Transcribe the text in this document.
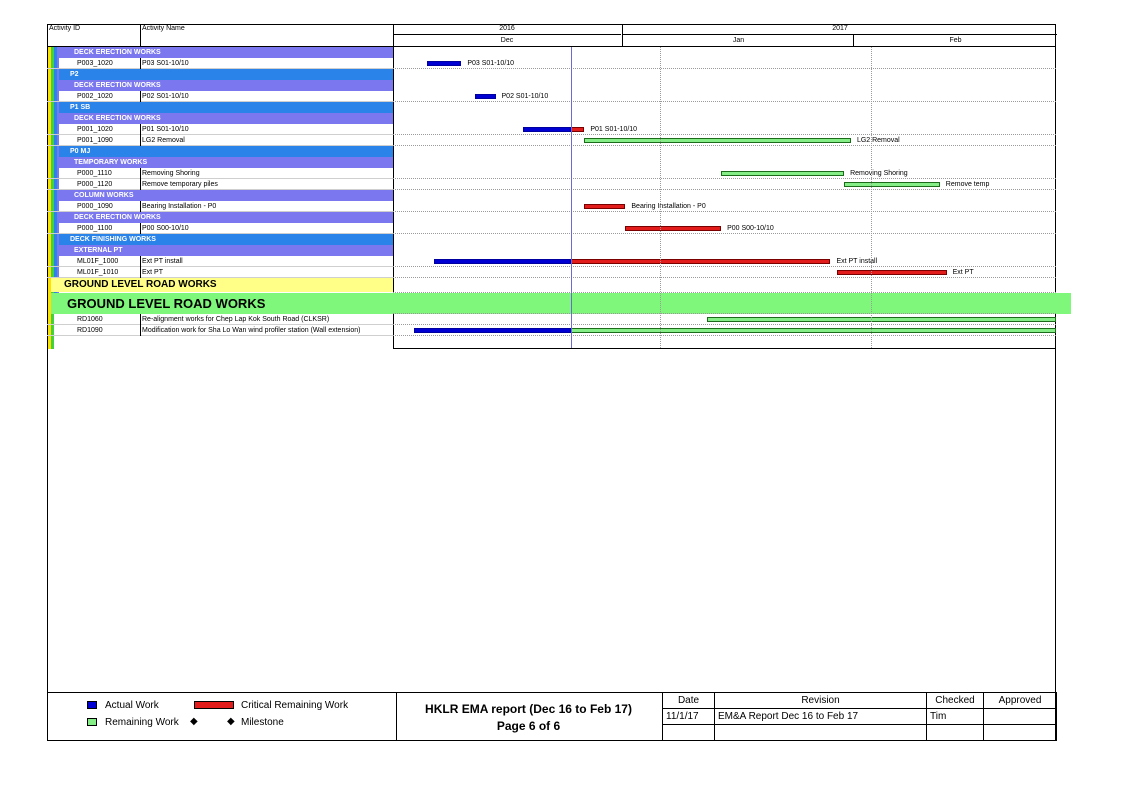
Activity ID	Activity Name	2016	2017
Dec	Jan	Feb
DECK ERECTION WORKS
P003_1020	P03 S01-10/10
P2
DECK ERECTION WORKS
P002_1020	P02 S01-10/10
P1 SB
DECK ERECTION WORKS
P001_1020	P01 S01-10/10
P001_1090	LG2 Removal
P0 MJ
TEMPORARY WORKS
P000_1110	Removing Shoring
P000_1120	Remove temporary piles
COLUMN WORKS
P000_1090	Bearing Installation - P0
DECK ERECTION WORKS
P000_1100	P00 S00-10/10
DECK FINISHING WORKS
EXTERNAL PT
ML01F_1000	Ext PT install
ML01F_1010	Ext PT
GROUND LEVEL ROAD WORKS
GROUND LEVEL ROAD WORKS
RD1060	Re-alignment works for Chep Lap Kok South Road (CLKSR)
RD1090	Modification work for Sha Lo Wan wind profiler station (Wall extension)
P03 S01-10/10
P02 S01-10/10
P01 S01-10/10
LG2 Removal
Removing Shoring
Remove temp
Bearing Installation - P0
P00 S00-10/10
Ext PT install
Ext PT
Actual Work	Critical Remaining Work
Remaining Work ◆	◆ Milestone
HKLR EMA report (Dec 16 to Feb 17)
Page 6 of 6
Date	Revision	Checked	Approved
11/1/17	EM&A Report Dec 16 to Feb 17	Tim	
